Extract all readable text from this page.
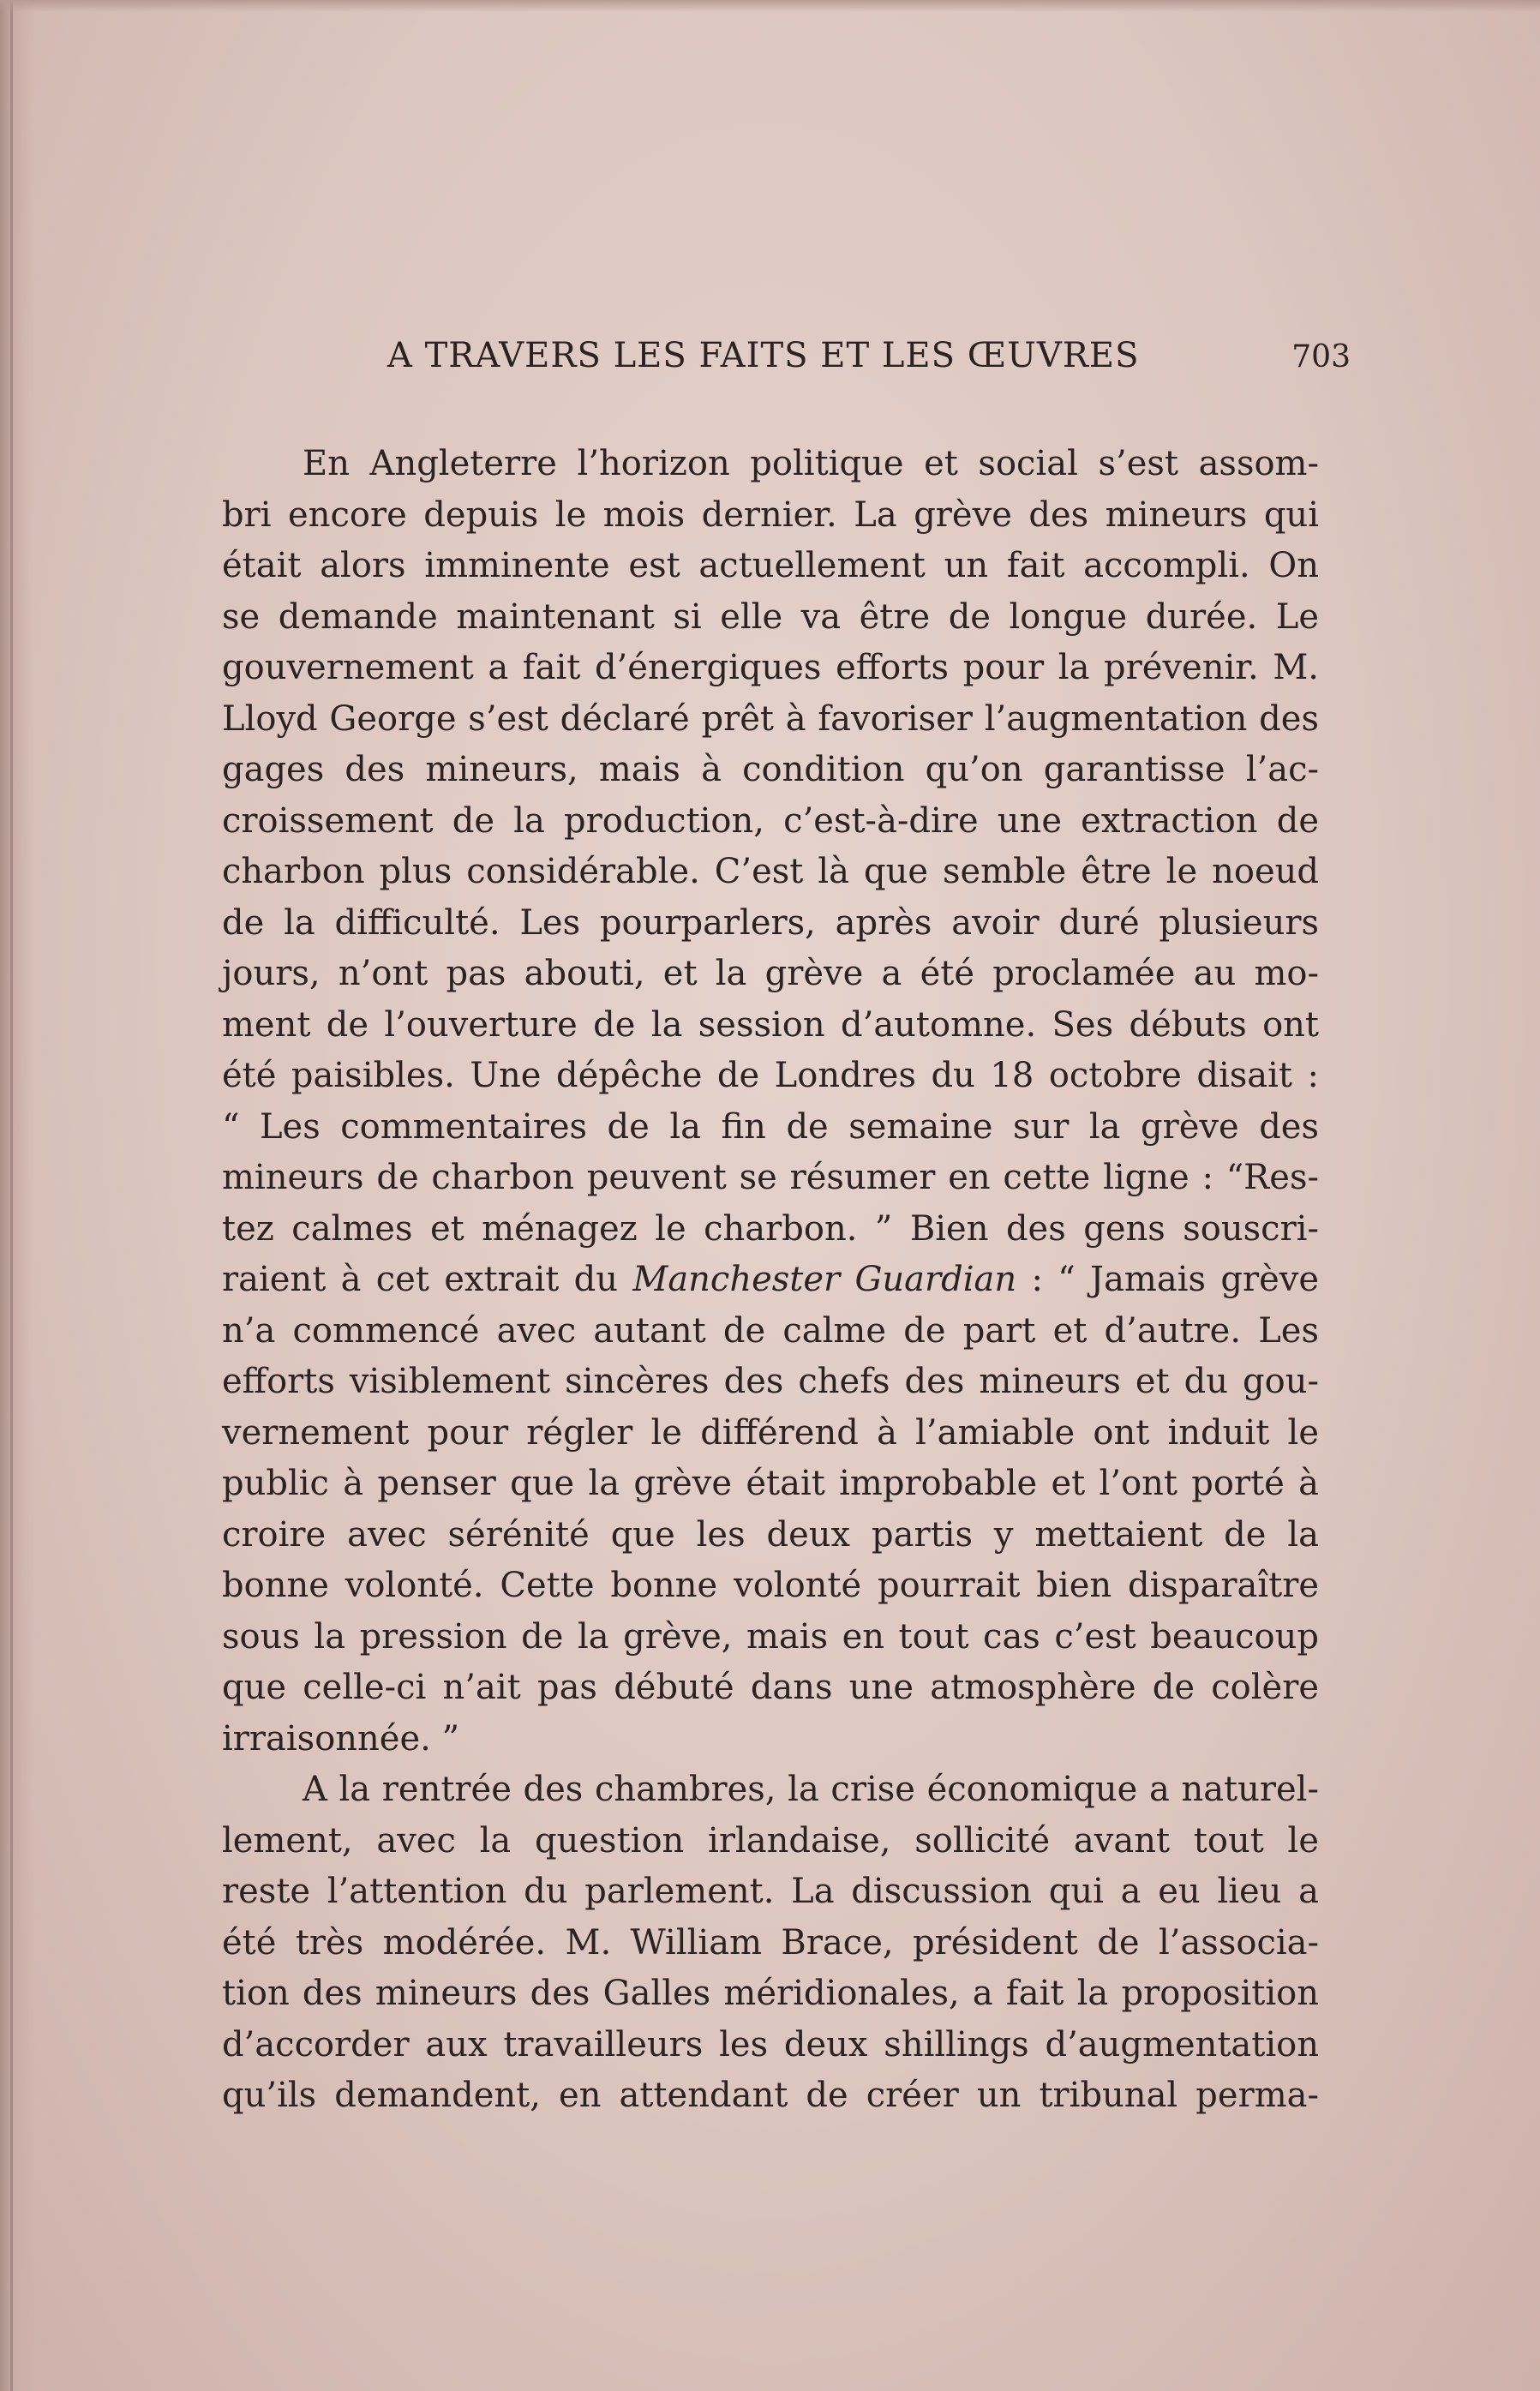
A TRAVERS LES FAITS ET LES ŒUVRES	703
En Angleterre l’horizon politique et social s’est assom-
bri encore depuis le mois dernier. La grève des mineurs qui
était alors imminente est actuellement un fait accompli. On
se demande maintenant si elle va être de longue durée. Le
gouvernement a fait d’énergiques efforts pour la prévenir. M.
Lloyd George s’est déclaré prêt à favoriser l’augmentation des
gages des mineurs, mais à condition qu’on garantisse l’ac-
croissement de la production, c’est-à-dire une extraction de
charbon plus considérable. C’est là que semble être le noeud
de la difficulté. Les pourparlers, après avoir duré plusieurs
jours, n’ont pas abouti, et la grève a été proclamée au mo-
ment de l’ouverture de la session d’automne. Ses débuts ont
été paisibles. Une dépêche de Londres du 18 octobre disait :
“ Les commentaires de la fin de semaine sur la grève des
mineurs de charbon peuvent se résumer en cette ligne : “Res-
tez calmes et ménagez le charbon. ” Bien des gens souscri-
raient à cet extrait du Manchester Guardian : “ Jamais grève
n’a commencé avec autant de calme de part et d’autre. Les
efforts visiblement sincères des chefs des mineurs et du gou-
vernement pour régler le différend à l’amiable ont induit le
public à penser que la grève était improbable et l’ont porté à
croire avec sérénité que les deux partis y mettaient de la
bonne volonté. Cette bonne volonté pourrait bien disparaître
sous la pression de la grève, mais en tout cas c’est beaucoup
que celle-ci n’ait pas débuté dans une atmosphère de colère
irraisonnée. ”
A la rentrée des chambres, la crise économique a naturel-
lement, avec la question irlandaise, sollicité avant tout le
reste l’attention du parlement. La discussion qui a eu lieu a
été très modérée. M. William Brace, président de l’associa-
tion des mineurs des Galles méridionales, a fait la proposition
d’accorder aux travailleurs les deux shillings d’augmentation
qu’ils demandent, en attendant de créer un tribunal perma-
